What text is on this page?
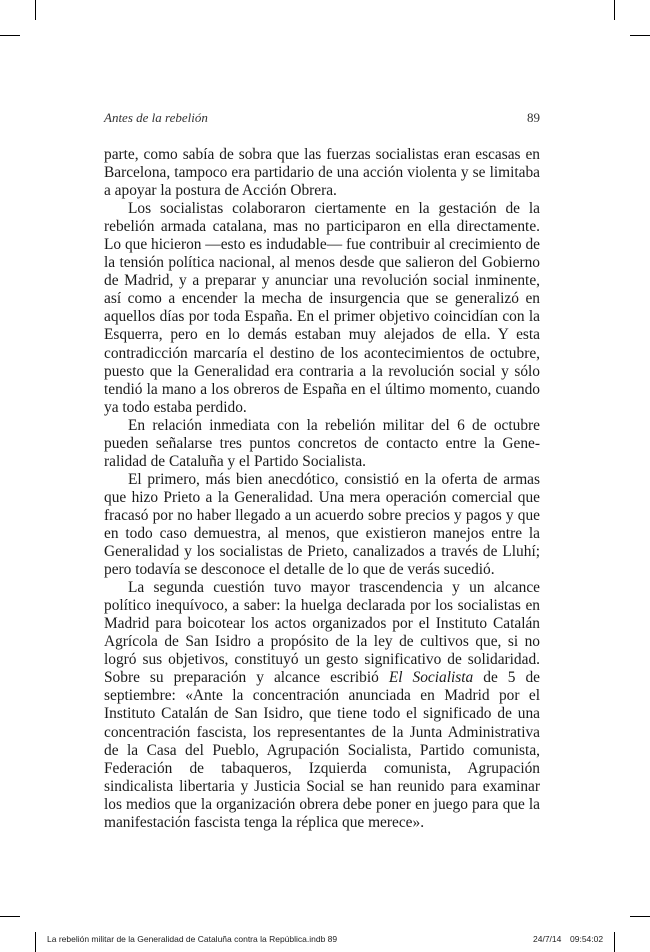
Antes de la rebelión	89

parte, como sabía de sobra que las fuerzas socialistas eran escasas en Barcelona, tampoco era partidario de una acción violenta y se limitaba a apoyar la postura de Acción Obrera.

Los socialistas colaboraron ciertamente en la gestación de la rebelión armada catalana, mas no participaron en ella directamente. Lo que hicieron —esto es indudable— fue contribuir al crecimiento de la tensión política nacional, al menos desde que salieron del Gobierno de Madrid, y a preparar y anunciar una revolución social inminente, así como a encender la mecha de insurgencia que se generalizó en aquellos días por toda España. En el primer objetivo coincidían con la Esquerra, pero en lo demás estaban muy alejados de ella. Y esta contradicción marcaría el destino de los acontecimientos de octubre, puesto que la Generalidad era contraria a la revolución social y sólo tendió la mano a los obreros de España en el último momento, cuando ya todo estaba perdido.

En relación inmediata con la rebelión militar del 6 de octubre pueden señalarse tres puntos concretos de contacto entre la Generalidad de Cataluña y el Partido Socialista.

El primero, más bien anecdótico, consistió en la oferta de armas que hizo Prieto a la Generalidad. Una mera operación comercial que fracasó por no haber llegado a un acuerdo sobre precios y pagos y que en todo caso demuestra, al menos, que existieron manejos entre la Generalidad y los socialistas de Prieto, canalizados a través de Lluhí; pero todavía se desconoce el detalle de lo que de verás sucedió.

La segunda cuestión tuvo mayor trascendencia y un alcance político inequívoco, a saber: la huelga declarada por los socialistas en Madrid para boicotear los actos organizados por el Instituto Catalán Agrícola de San Isidro a propósito de la ley de cultivos que, si no logró sus objetivos, constituyó un gesto significativo de solidaridad. Sobre su preparación y alcance escribió El Socialista de 5 de septiembre: «Ante la concentración anunciada en Madrid por el Instituto Catalán de San Isidro, que tiene todo el significado de una concentración fascista, los representantes de la Junta Administrativa de la Casa del Pueblo, Agrupación Socialista, Partido comunista, Federación de tabaqueros, Izquierda comunista, Agrupación sindicalista libertaria y Justicia Social se han reunido para examinar los medios que la organización obrera debe poner en juego para que la manifestación fascista tenga la réplica que merece».

La rebelión militar de la Generalidad de Cataluña contra la República.indb 89	24/7/14 09:54:02
